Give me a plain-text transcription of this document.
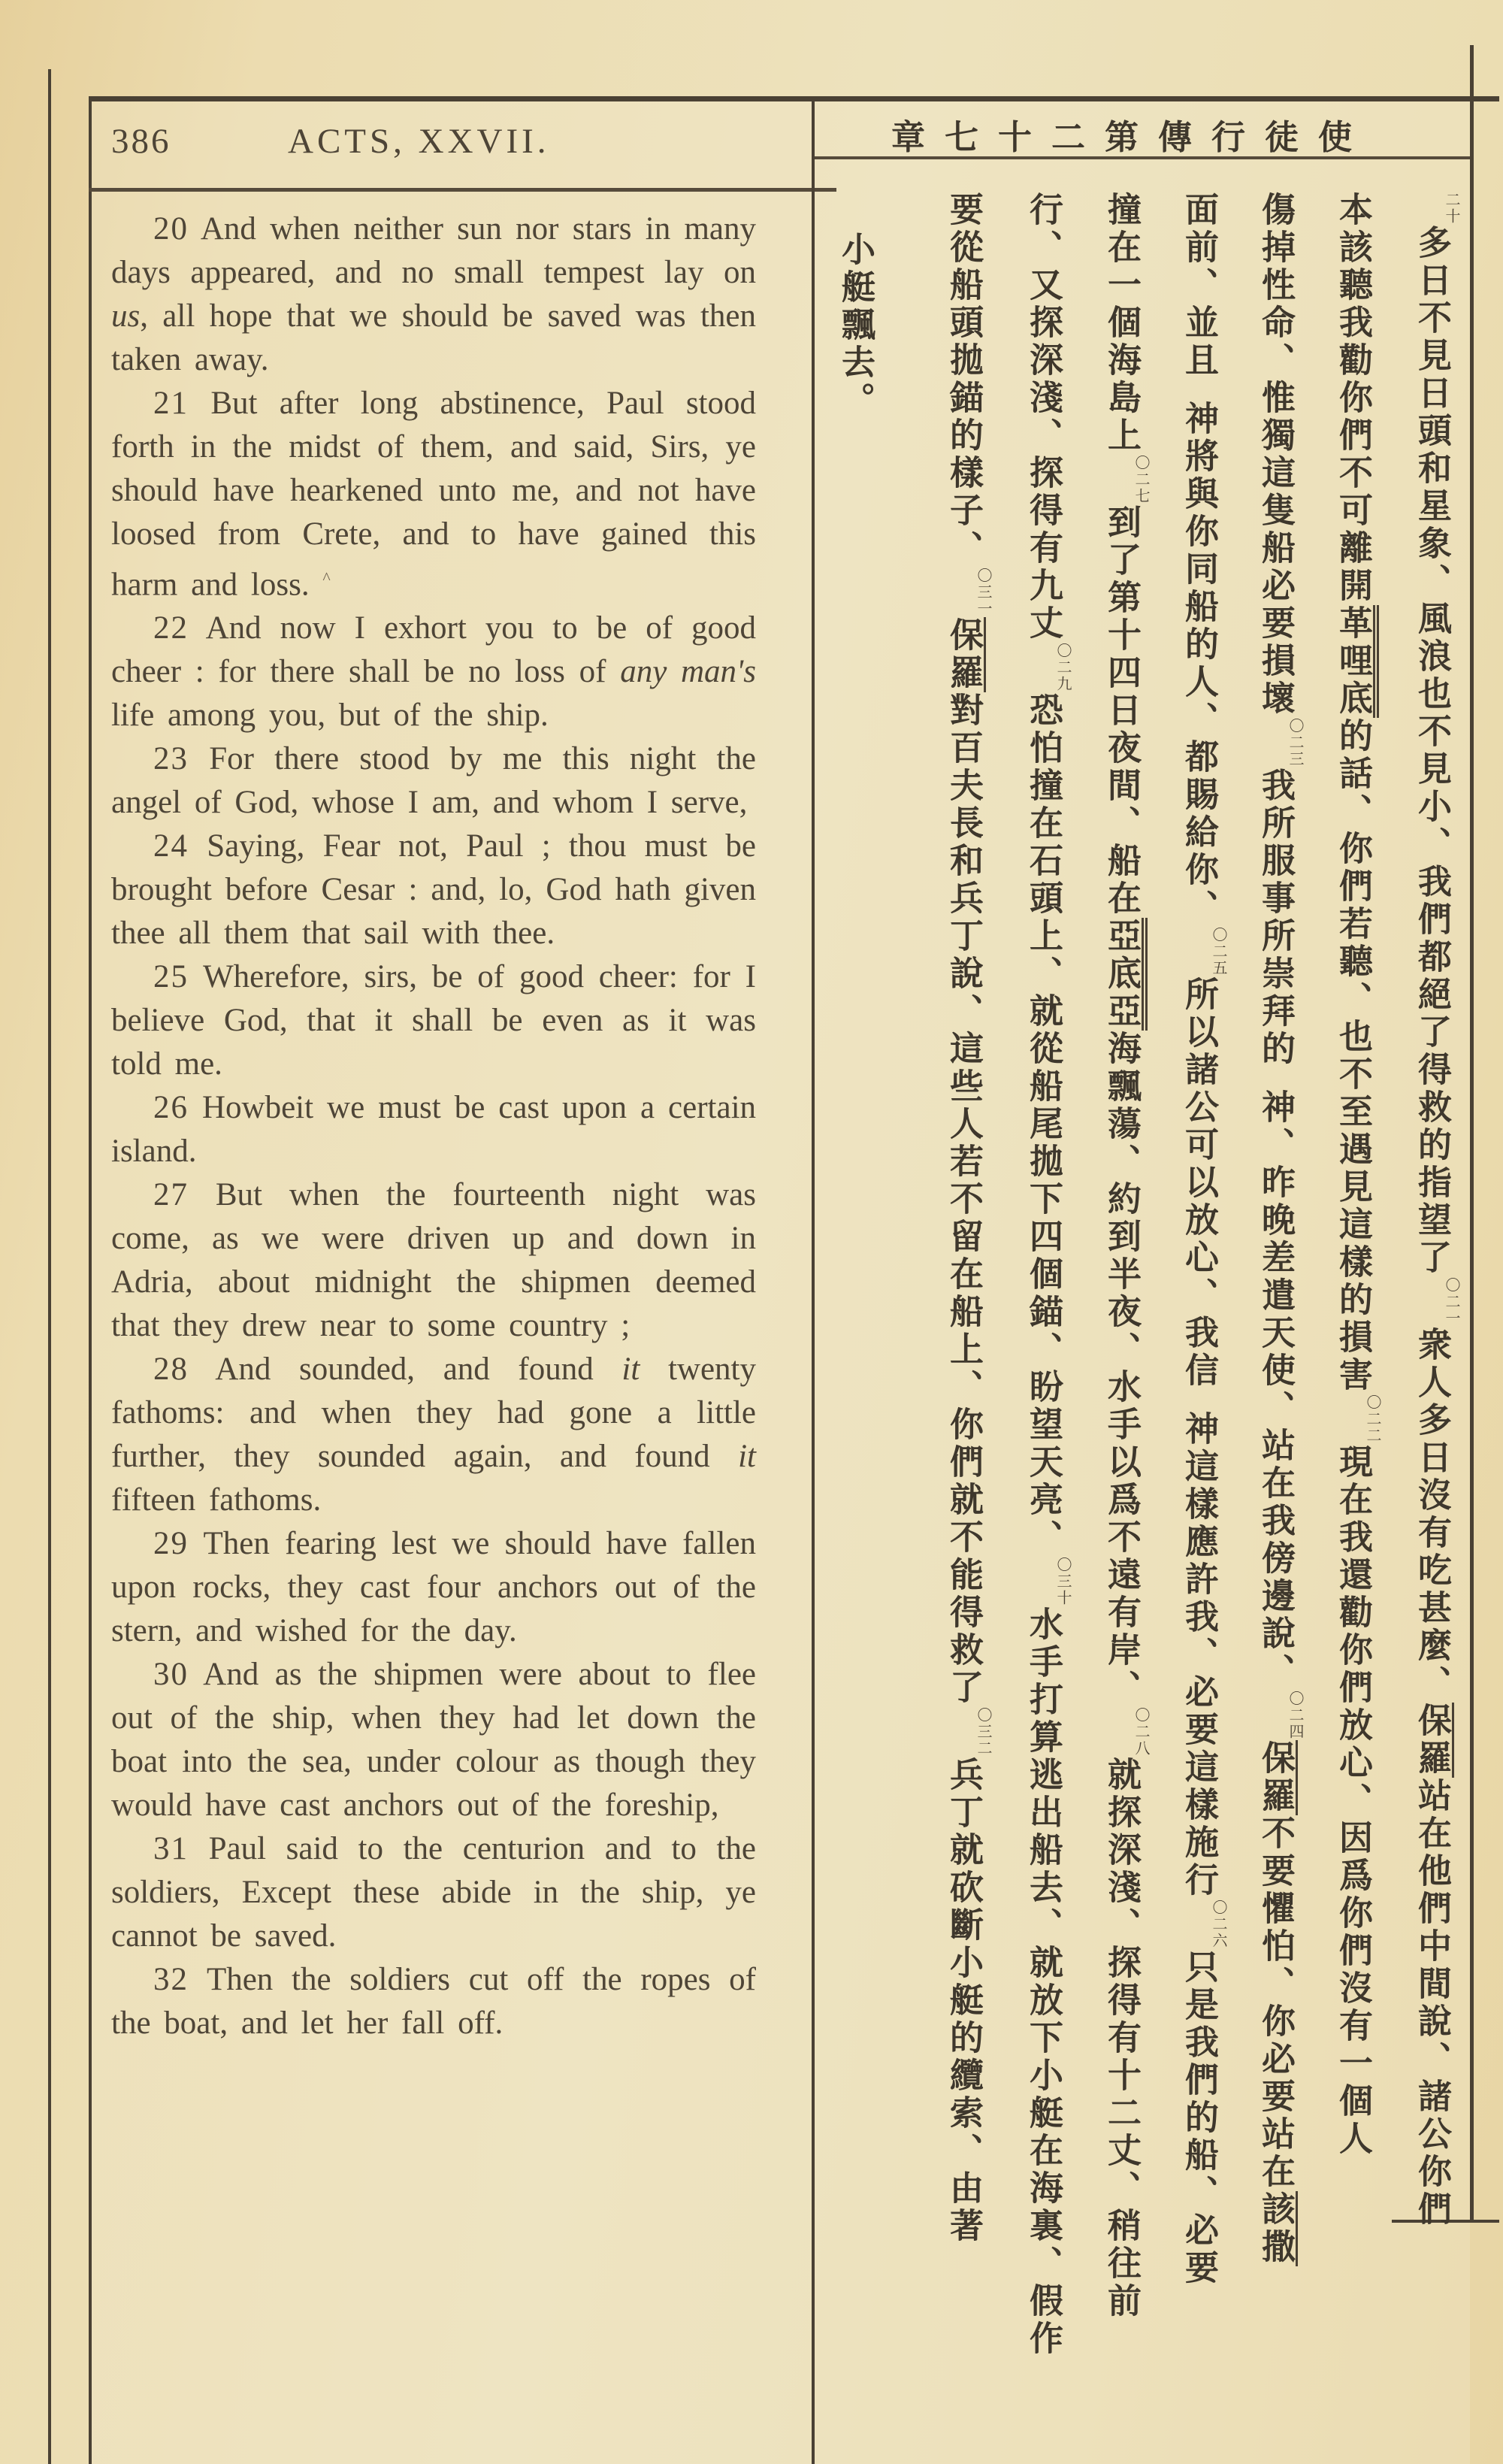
386	ACTS, XXVII.	章七十二第傳行徒使

20 And when neither sun nor stars in many days appeared, and no small tempest lay on us, all hope that we should be saved was then taken away.

21 But after long abstinence, Paul stood forth in the midst of them, and said, Sirs, ye should have hearkened unto me, and not have loosed from Crete, and to have gained this harm and loss. ^

22 And now I exhort you to be of good cheer : for there shall be no loss of any man's life among you, but of the ship.

23 For there stood by me this night the angel of God, whose I am, and whom I serve,

24 Saying, Fear not, Paul ; thou must be brought before Cesar : and, lo, God hath given thee all them that sail with thee.

25 Wherefore, sirs, be of good cheer: for I believe God, that it shall be even as it was told me.

26 Howbeit we must be cast upon a certain island.

27 But when the fourteenth night was come, as we were driven up and down in Adria, about midnight the shipmen deemed that they drew near to some country ;

28 And sounded, and found it twenty fathoms: and when they had gone a little further, they sounded again, and found it fifteen fathoms.

29 Then fearing lest we should have fallen upon rocks, they cast four anchors out of the stern, and wished for the day.

30 And as the shipmen were about to flee out of the ship, when they had let down the boat into the sea, under colour as though they would have cast anchors out of the foreship,

31 Paul said to the centurion and to the soldiers, Except these abide in the ship, ye cannot be saved.

32 Then the soldiers cut off the ropes of the boat, and let her fall off.

二十多日不見日頭和星象、風浪也不見小、我們都絕了得救的指望了〇二一衆人多日沒有吃甚麼、保羅站在他們中間說、諸公你們
本該聽我勸你們不可離開革哩底的話、你們若聽、也不至遇見這樣的損害〇二二現在我還勸你們放心、因爲你們沒有一個人
傷掉性命、惟獨這隻船必要損壞〇二三我所服事所崇拜的神、昨晚差遣天使、站在我傍邊說、〇二四保羅不要懼怕、你必要站在該撒
面前、並且神將與你同船的人、都賜給你、〇二五所以諸公可以放心、我信神這樣應許我、必要這樣施行〇二六只是我們的船、必要
撞在一個海島上〇二七到了第十四日夜間、船在亞底亞海飄蕩、約到半夜、水手以爲不遠有岸、〇二八就探深淺、探得有十二丈、稍往前
行、又探深淺、探得有九丈〇二九恐怕撞在石頭上、就從船尾拋下四個錨、盼望天亮、〇三十水手打算逃出船去、就放下小艇在海裏、假作
要從船頭拋錨的樣子、〇三一保羅對百夫長和兵丁說、這些人若不留在船上、你們就不能得救了〇三二兵丁就砍斷小艇的纜索、由著
小艇飄去。
